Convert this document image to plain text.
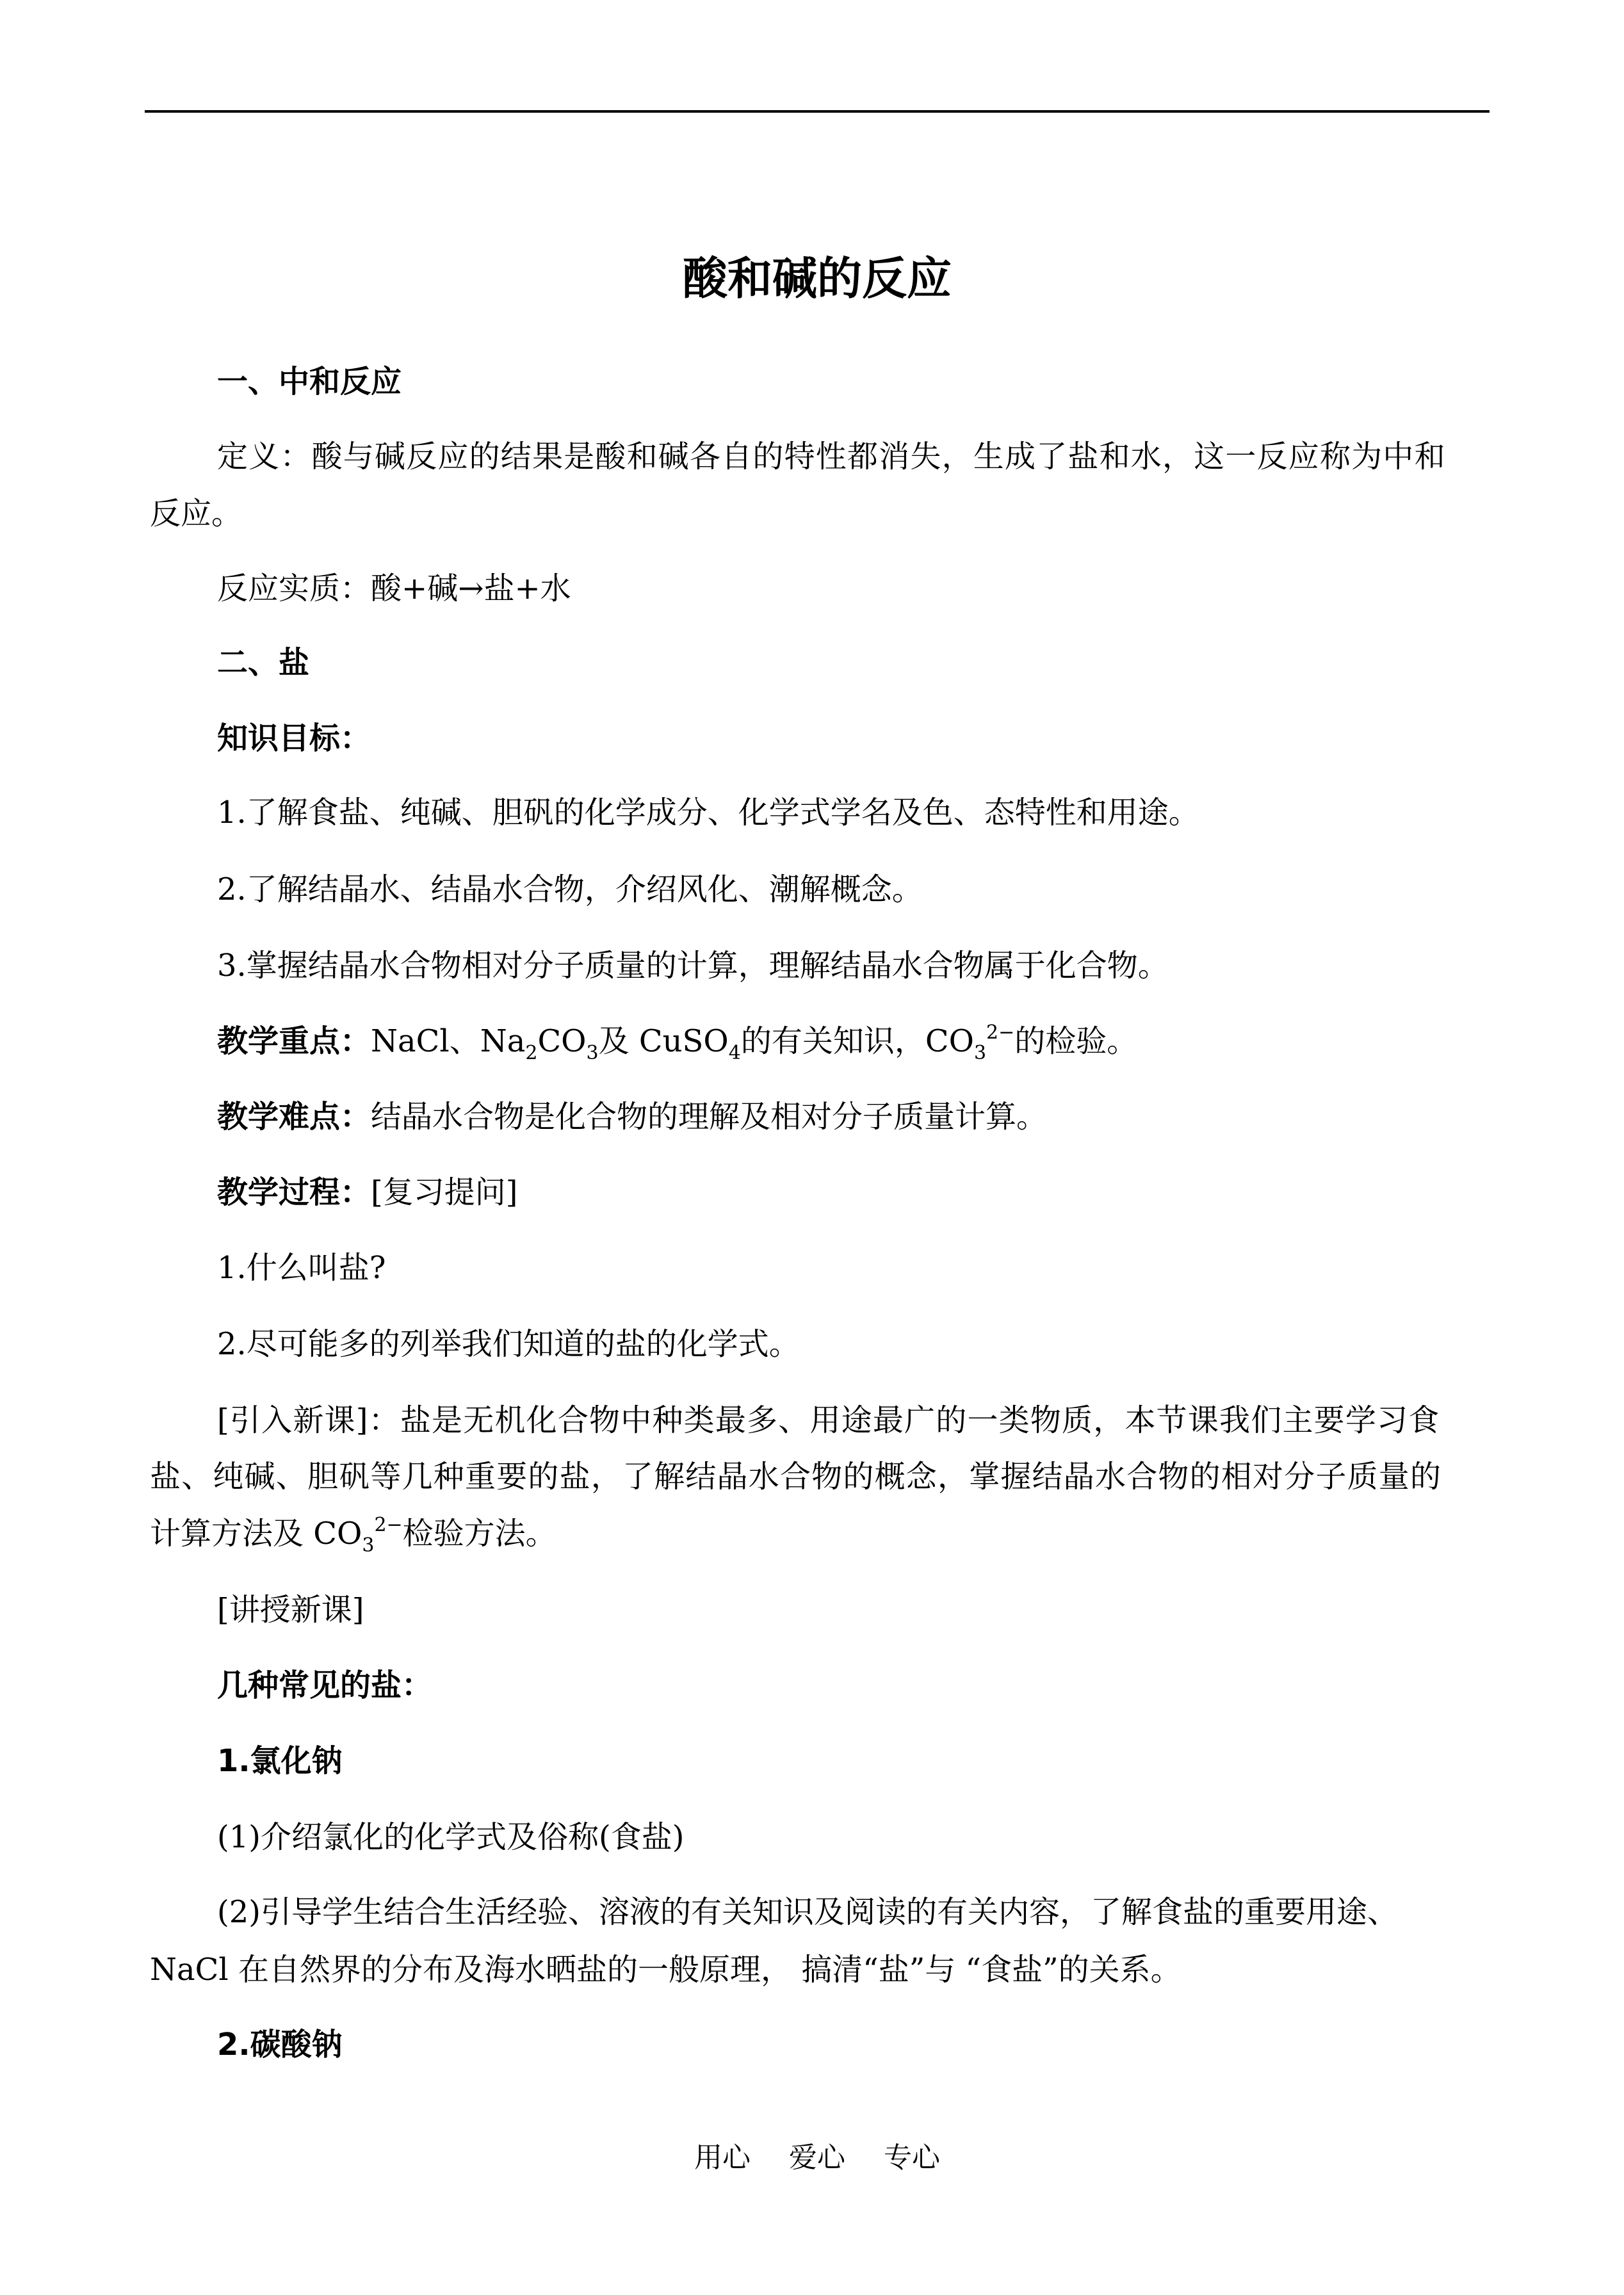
酸和碱的反应
一、中和反应
定义：酸与碱反应的结果是酸和碱各自的特性都消失，生成了盐和水，这一反应称为中和
反应。
反应实质：酸+碱→盐+水
二、盐
知识目标：
1.了解食盐、纯碱、胆矾的化学成分、化学式学名及色、态特性和用途。
2.了解结晶水、结晶水合物，介绍风化、潮解概念。
3.掌握结晶水合物相对分子质量的计算，理解结晶水合物属于化合物。
教学重点：NaCl、$Na_2CO_3$及 CuSO$_4$的有关知识，$CO_3^{2-}$的检验。
教学难点：结晶水合物是化合物的理解及相对分子质量计算。
教学过程：[复习提问]
1.什么叫盐?
2.尽可能多的列举我们知道的盐的化学式。
[引入新课]：盐是无机化合物中种类最多、用途最广的一类物质，本节课我们主要学习食
盐、纯碱、胆矾等几种重要的盐，了解结晶水合物的概念，掌握结晶水合物的相对分子质量的
计算方法及 $CO_3^{2-}$检验方法。
[讲授新课]
几种常见的盐：
1.氯化钠
(1)介绍氯化的化学式及俗称(食盐)
(2)引导学生结合生活经验、溶液的有关知识及阅读的有关内容，了解食盐的重要用途、
NaCl 在自然界的分布及海水晒盐的一般原理， 搞清“盐”与 “食盐”的关系。
2.碳酸钠
用心 爱心 专心
